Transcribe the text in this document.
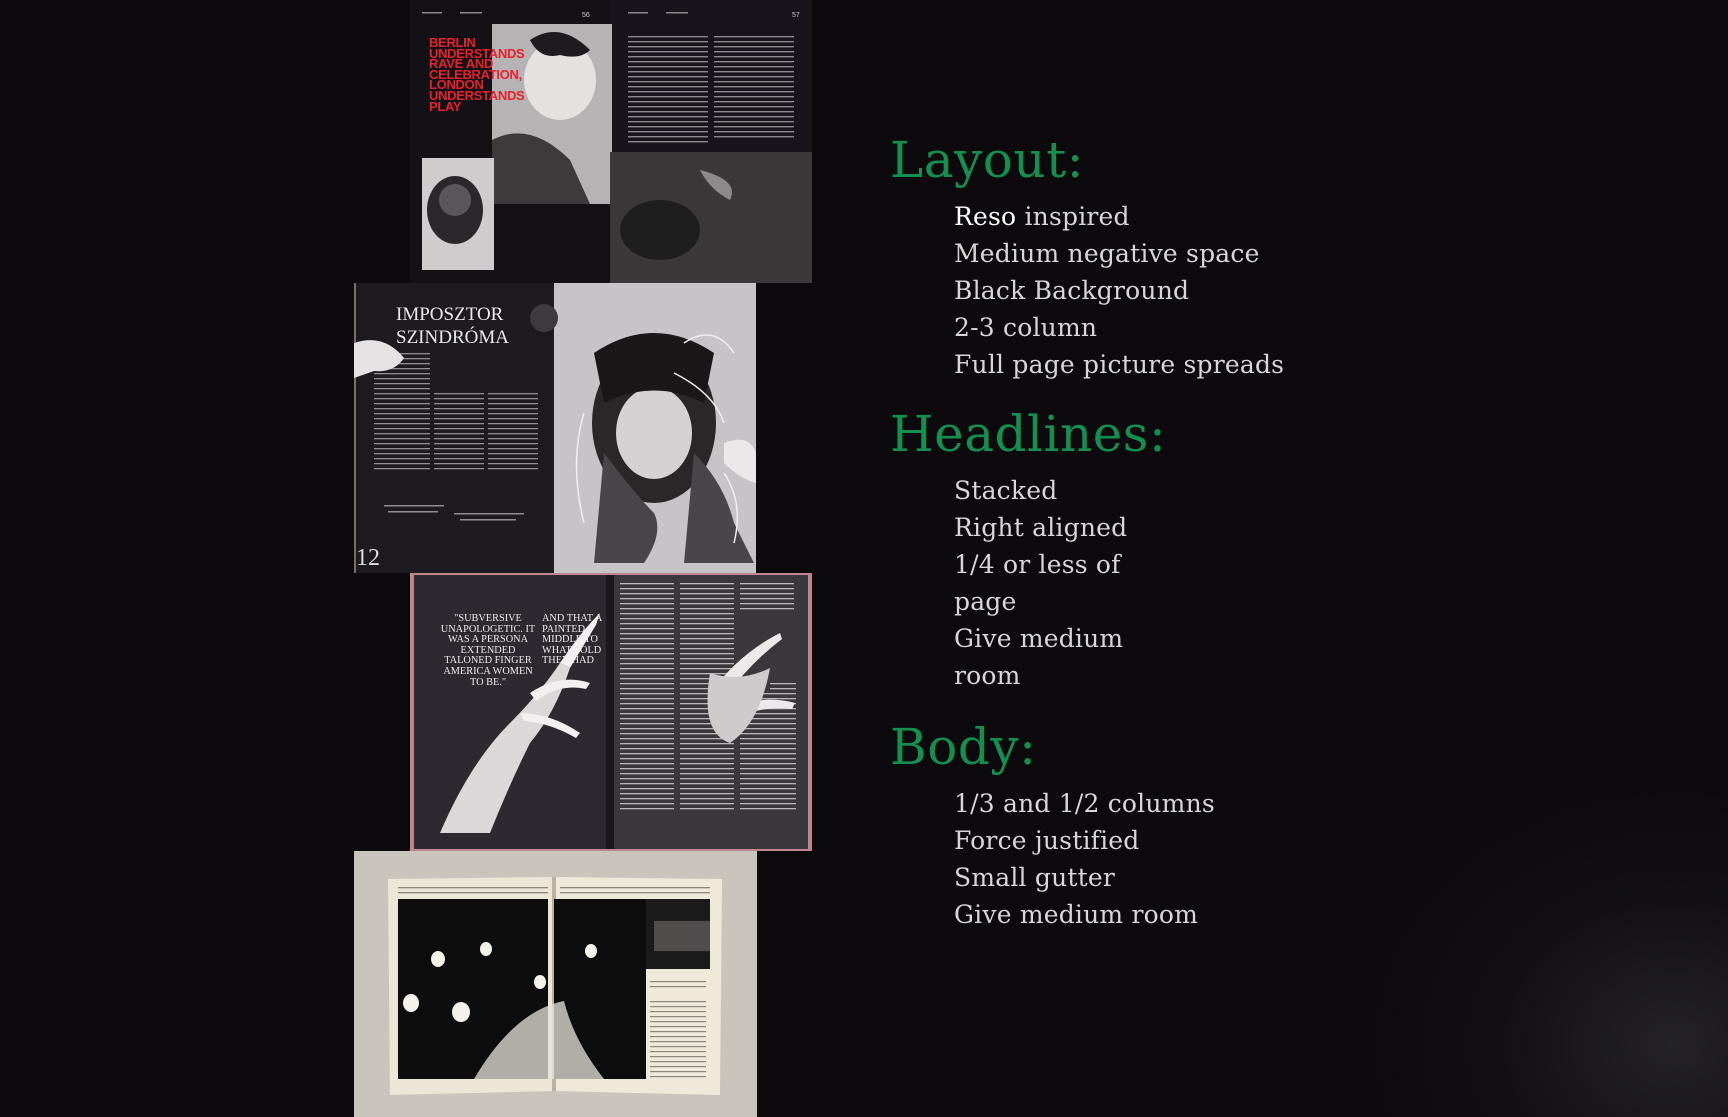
56	57

BERLIN UNDERSTANDS RAVE AND CELEBRATION, LONDON UNDERSTANDS PLAY

12

IMPOSZTOR
SZINDRÓMA

"SUBVERSIVE UNAPOLOGETIC. IT WAS A PERSONA EXTENDED TALONED FINGER AMERICA WOMEN TO BE."

AND THAT A PAINTED, MIDDLE TO WHAT TOLD THEY HAD

Layout:
Reso inspired
Medium negative space
Black Background
2-3 column
Full page picture spreads
Headlines:
Stacked
Right aligned
1/4 or less of
page
Give medium
room
Body:
1/3 and 1/2 columns
Force justified
Small gutter
Give medium room
